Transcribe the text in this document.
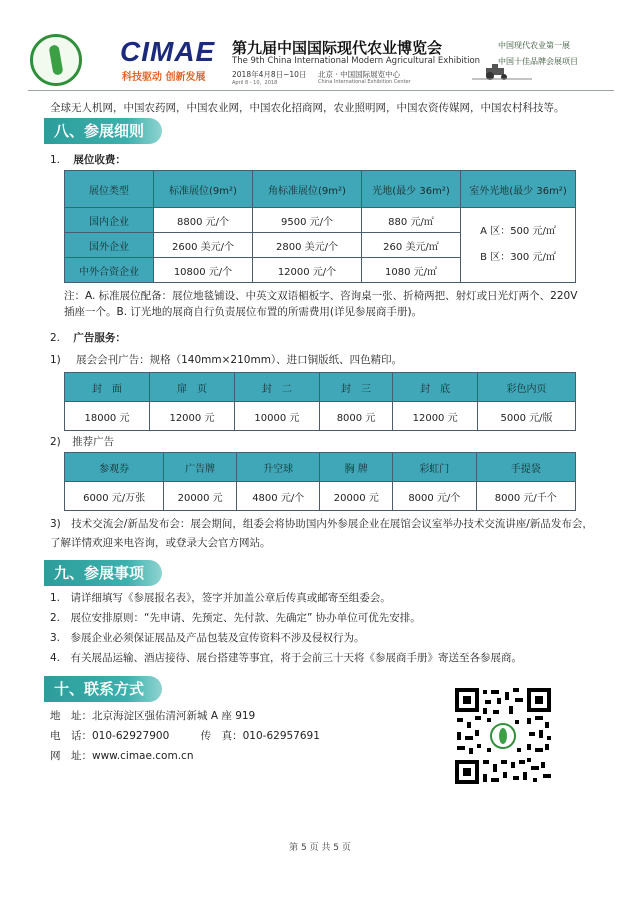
CIMAE
科技驱动 创新发展
第九届中国国际现代农业博览会
The 9th China International Modern Agricultural Exhibition
2018年4月8日~10日
April 8 - 10，2018
北京 · 中国国际展览中心
China International Exhibition Center
中国现代农业第一展
中国十佳品牌会展项目
全球无人机网，中国农药网，中国农业网，中国农化招商网，农业照明网，中国农资传媒网，中国农村科技等。
八、参展细则
1. 展位收费：
展位类型	标准展位(9m²)	角标准展位(9m²)	光地(最少 36m²)	室外光地(最少 36m²)
国内企业	8800 元/个	9500 元/个	880 元/㎡	A 区：500 元/㎡
B 区：300 元/㎡

国外企业	2600 美元/个	2800 美元/个	260 美元/㎡	
中外合资企业	10800 元/个	12000 元/个	1080 元/㎡	
注：A. 标准展位配备：展位地毯铺设、中英文双语楣板字、咨询桌一张、折椅两把、射灯或日光灯两个、220V 插座一个。B. 订光地的展商自行负责展位布置的所需费用(详见参展商手册)。
2. 广告服务：
1) 展会会刊广告：规格（140mm×210mm）、进口铜版纸、四色精印。
封　面	扉　页	封　二	封　三	封　底	彩色内页
18000 元	12000 元	10000 元	8000 元	12000 元	5000 元/版
2) 推荐广告
参观券	广告牌	升空球	胸 牌	彩虹门	手提袋
6000 元/万张	20000 元	4800 元/个	20000 元	8000 元/个	8000 元/千个
3)　技术交流会/新品发布会：展会期间，组委会将协助国内外参展企业在展馆会议室举办技术交流讲座/新品发布会，了解详情欢迎来电咨询，或登录大会官方网站。
九、参展事项
1.　请详细填写《参展报名表》，签字并加盖公章后传真或邮寄至组委会。
2.　展位安排原则：“先申请、先预定、先付款、先确定” 协办单位可优先安排。
3.　参展企业必须保证展品及产品包装及宣传资料不涉及侵权行为。
4.　有关展品运输、酒店接待、展台搭建等事宜，将于会前三十天将《参展商手册》寄送至各参展商。
十、联系方式
地　址：北京海淀区强佑清河新城 A 座 919
电　话：010-62927900	传　真：010-62957691
网　址：www.cimae.com.cn
第 5 页 共 5 页
